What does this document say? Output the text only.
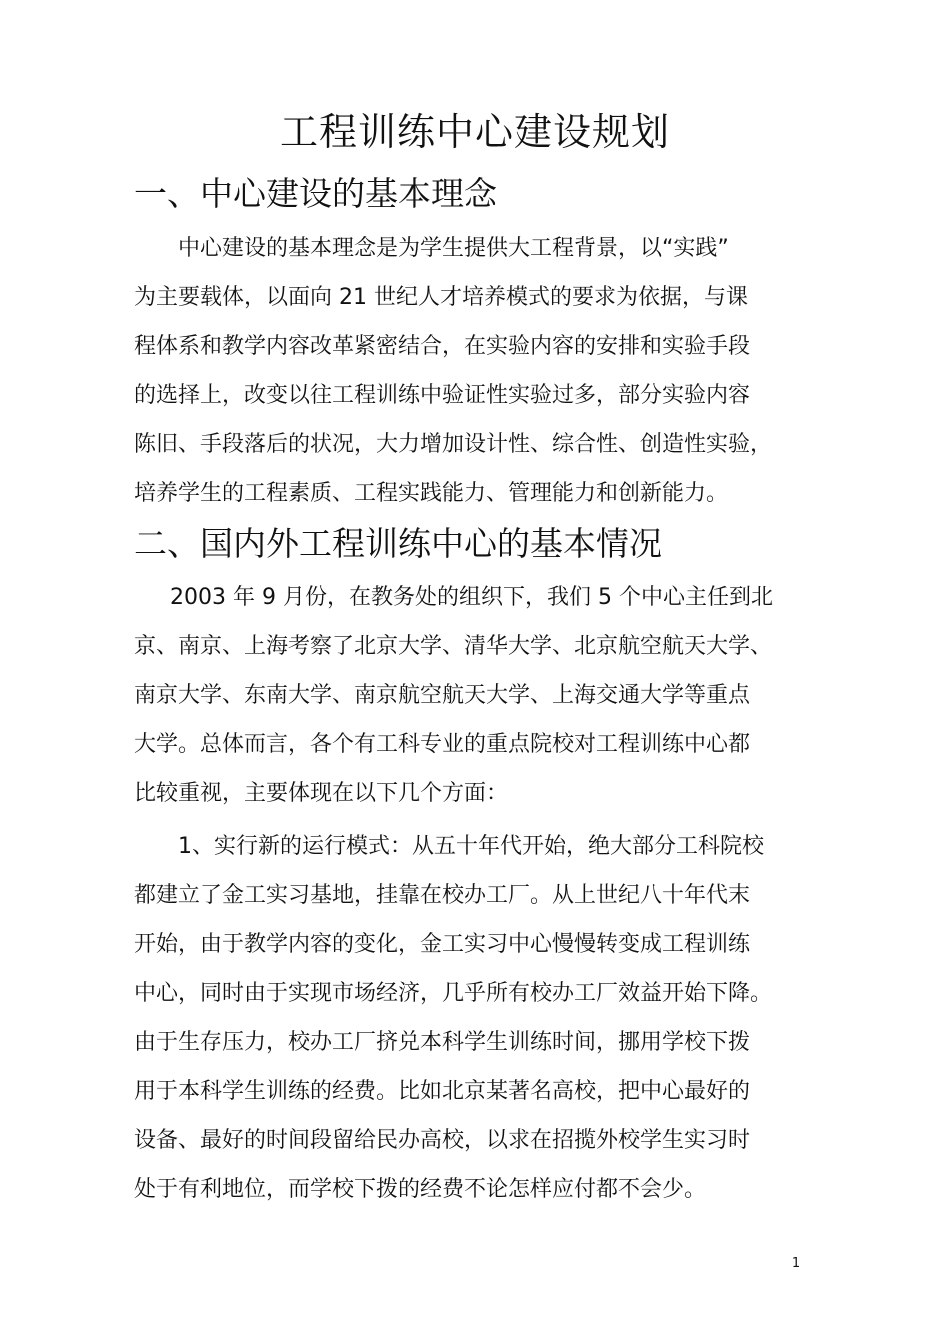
工程训练中心建设规划
一、中心建设的基本理念
中心建设的基本理念是为学生提供大工程背景，以“实践”
为主要载体，以面向 21 世纪人才培养模式的要求为依据，与课
程体系和教学内容改革紧密结合，在实验内容的安排和实验手段
的选择上，改变以往工程训练中验证性实验过多，部分实验内容
陈旧、手段落后的状况，大力增加设计性、综合性、创造性实验，
培养学生的工程素质、工程实践能力、管理能力和创新能力。
二、国内外工程训练中心的基本情况
2003 年 9 月份，在教务处的组织下，我们 5 个中心主任到北
京、南京、上海考察了北京大学、清华大学、北京航空航天大学、
南京大学、东南大学、南京航空航天大学、上海交通大学等重点
大学。总体而言，各个有工科专业的重点院校对工程训练中心都
比较重视，主要体现在以下几个方面：
1、实行新的运行模式：从五十年代开始，绝大部分工科院校
都建立了金工实习基地，挂靠在校办工厂。从上世纪八十年代末
开始，由于教学内容的变化，金工实习中心慢慢转变成工程训练
中心，同时由于实现市场经济，几乎所有校办工厂效益开始下降。
由于生存压力，校办工厂挤兑本科学生训练时间，挪用学校下拨
用于本科学生训练的经费。比如北京某著名高校，把中心最好的
设备、最好的时间段留给民办高校，以求在招揽外校学生实习时
处于有利地位，而学校下拨的经费不论怎样应付都不会少。
1
